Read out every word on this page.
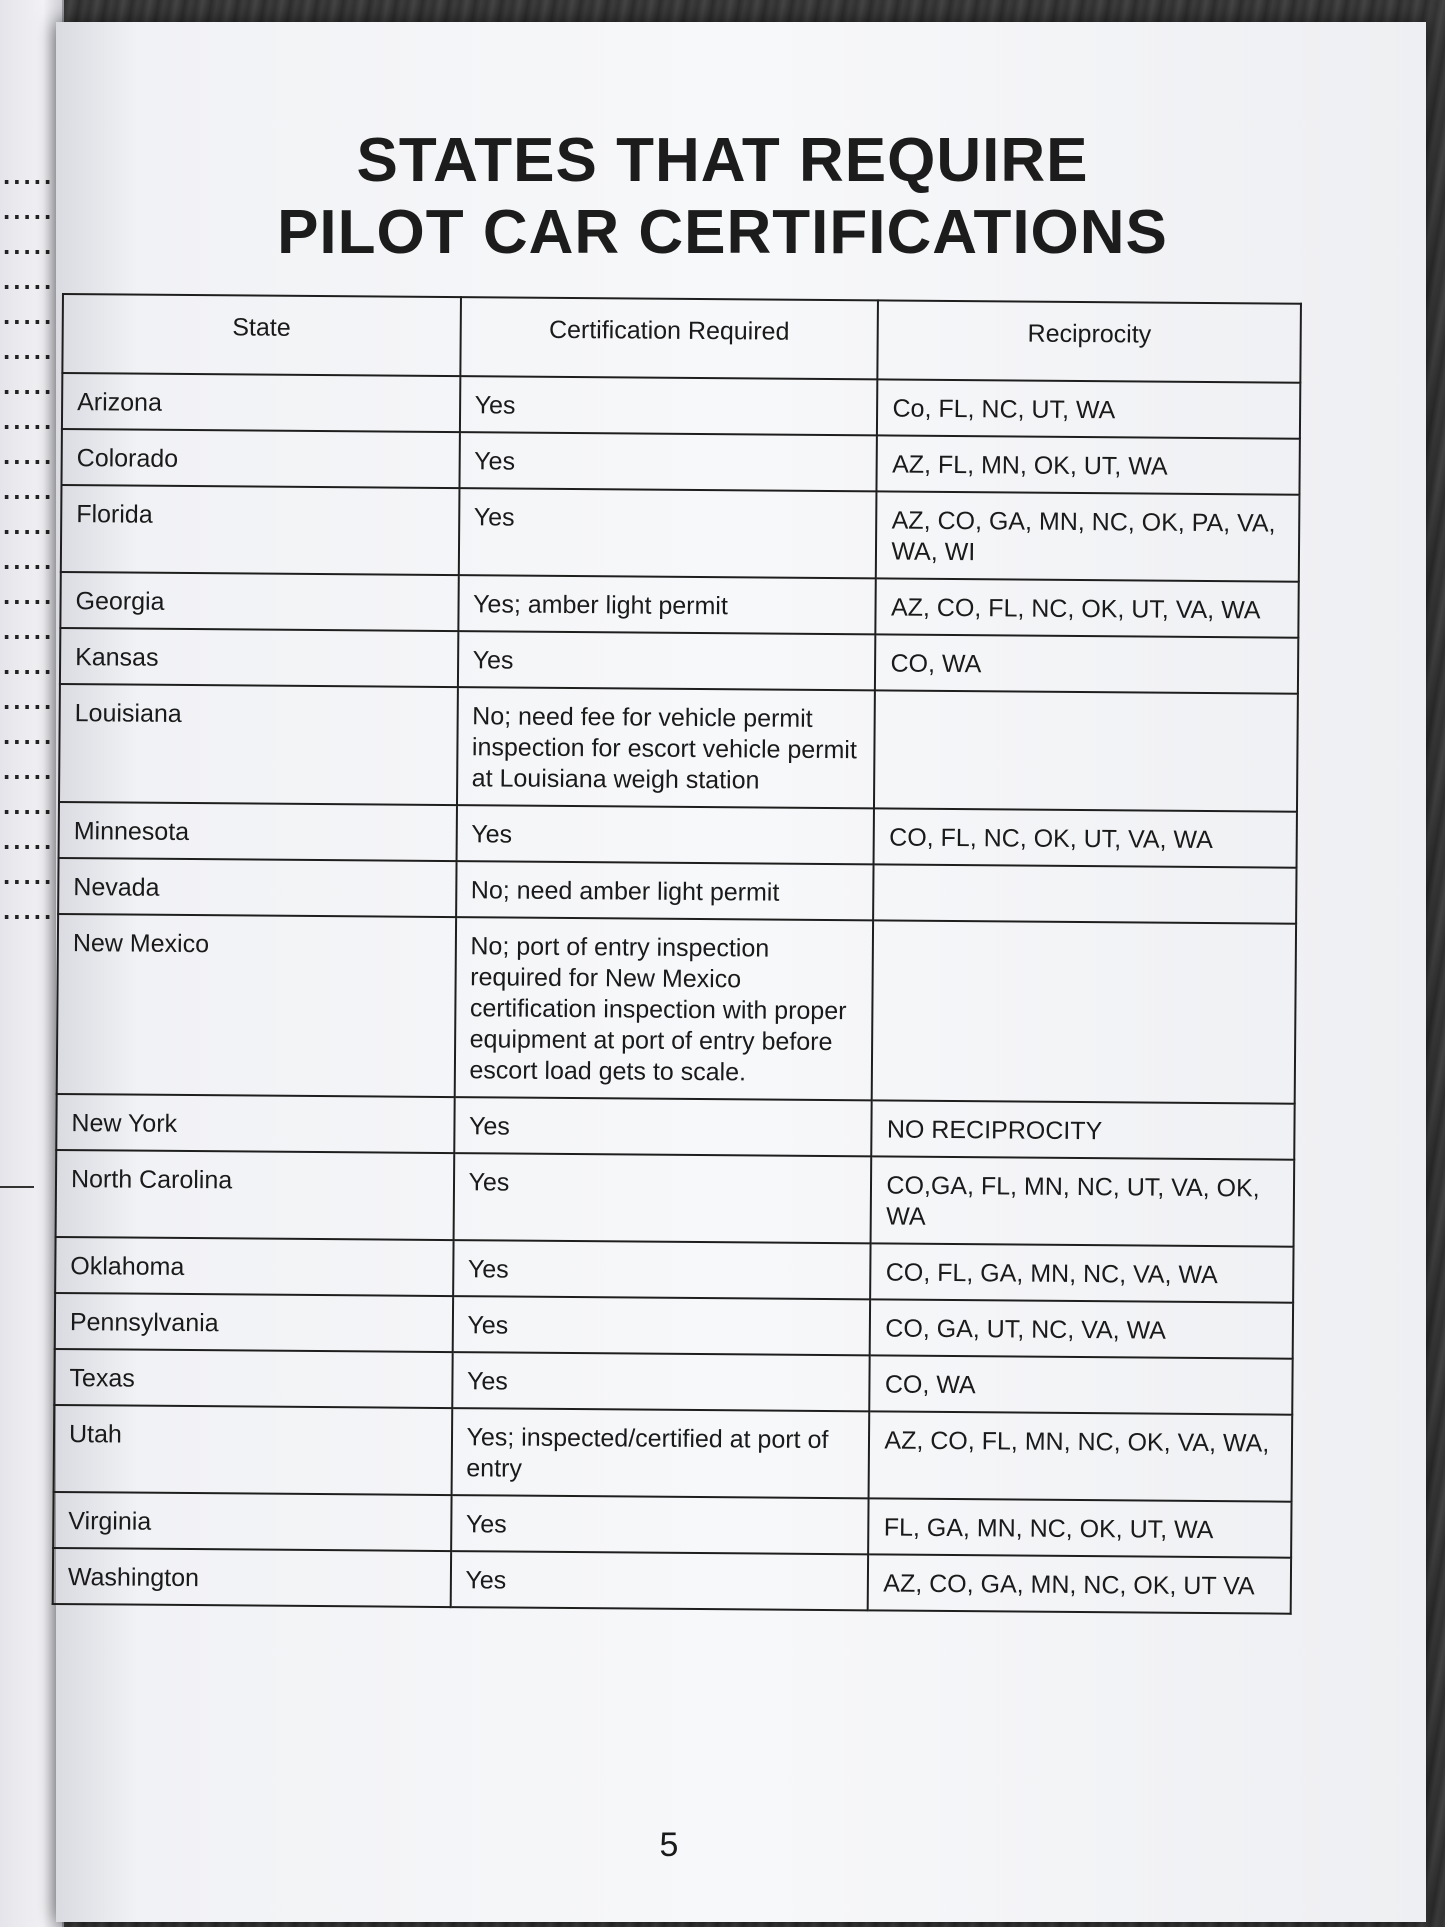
.....
.....
.....
.....
.....
.....
.....
.....
.....
.....
.....
.....
.....
.....
.....
.....
.....
.....
.....
.....
.....
.....
STATES THAT REQUIRE
PILOT CAR CERTIFICATIONS
State	Certification Required	Reciprocity
Arizona	Yes	Co, FL, NC, UT, WA
Colorado	Yes	AZ, FL, MN, OK, UT, WA
Florida	Yes	AZ, CO, GA, MN, NC, OK, PA, VA, WA, WI
Georgia	Yes; amber light permit	AZ, CO, FL, NC, OK, UT, VA, WA
Kansas	Yes	CO, WA
Louisiana	No; need fee for vehicle permit inspection for escort vehicle permit at Louisiana weigh station	
Minnesota	Yes	CO, FL, NC, OK, UT, VA, WA
Nevada	No; need amber light permit	
New Mexico	No; port of entry inspection required for New Mexico certification inspection with proper equipment at port of entry before escort load gets to scale.	
New York	Yes	NO RECIPROCITY
North Carolina	Yes	CO,GA, FL, MN, NC, UT, VA, OK, WA
Oklahoma	Yes	CO, FL, GA, MN, NC, VA, WA
Pennsylvania	Yes	CO, GA, UT, NC, VA, WA
Texas	Yes	CO, WA
Utah	Yes; inspected/certified at port of entry	AZ, CO, FL, MN, NC, OK, VA, WA,
Virginia	Yes	FL, GA, MN, NC, OK, UT, WA
Washington	Yes	AZ, CO, GA, MN, NC, OK, UT VA
5
